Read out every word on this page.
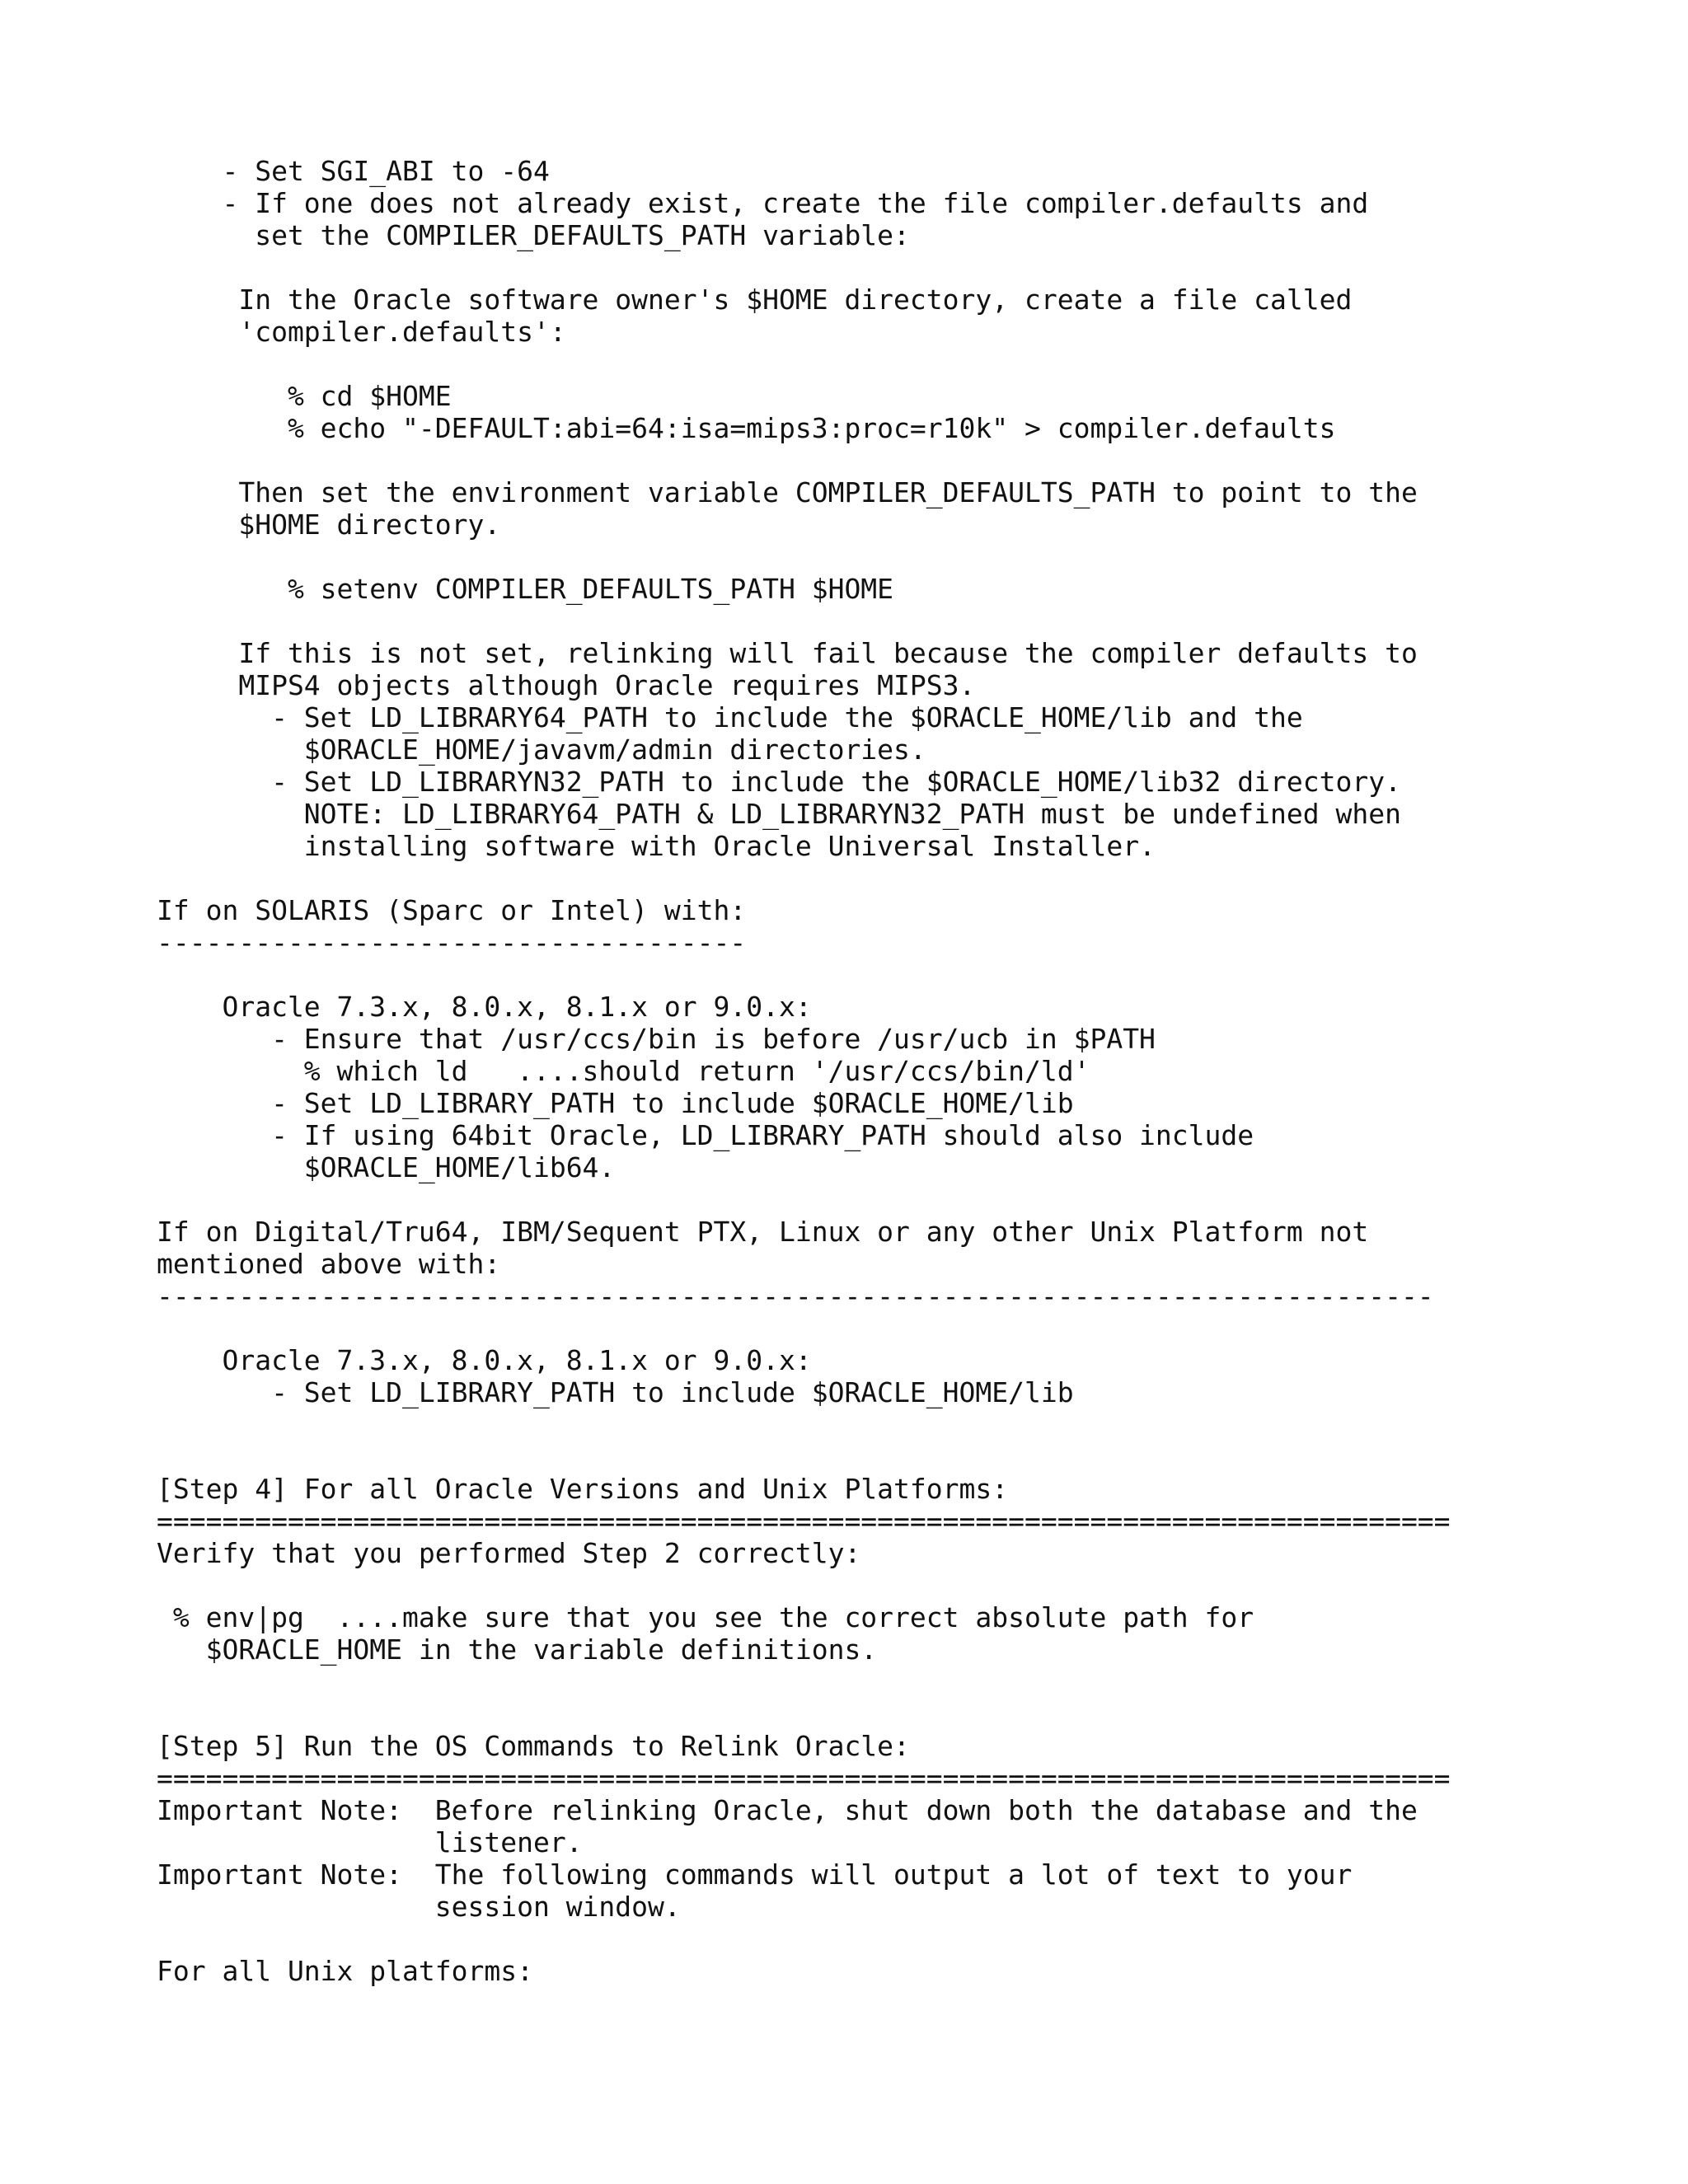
- Set SGI_ABI to -64
- If one does not already exist, create the file compiler.defaults and
set the COMPILER_DEFAULTS_PATH variable:
In the Oracle software owner's $HOME directory, create a file called
'compiler.defaults':
% cd $HOME
% echo "-DEFAULT:abi=64:isa=mips3:proc=r10k" > compiler.defaults
Then set the environment variable COMPILER_DEFAULTS_PATH to point to the
$HOME directory.
% setenv COMPILER_DEFAULTS_PATH $HOME
If this is not set, relinking will fail because the compiler defaults to
MIPS4 objects although Oracle requires MIPS3.
- Set LD_LIBRARY64_PATH to include the $ORACLE_HOME/lib and the
$ORACLE_HOME/javavm/admin directories.
- Set LD_LIBRARYN32_PATH to include the $ORACLE_HOME/lib32 directory.
NOTE: LD_LIBRARY64_PATH & LD_LIBRARYN32_PATH must be undefined when
installing software with Oracle Universal Installer.
If on SOLARIS (Sparc or Intel) with:
------------------------------------
Oracle 7.3.x, 8.0.x, 8.1.x or 9.0.x:
- Ensure that /usr/ccs/bin is before /usr/ucb in $PATH
% which ld   ....should return '/usr/ccs/bin/ld'
- Set LD_LIBRARY_PATH to include $ORACLE_HOME/lib
- If using 64bit Oracle, LD_LIBRARY_PATH should also include
$ORACLE_HOME/lib64.
If on Digital/Tru64, IBM/Sequent PTX, Linux or any other Unix Platform not
mentioned above with:
------------------------------------------------------------------------------
Oracle 7.3.x, 8.0.x, 8.1.x or 9.0.x:
- Set LD_LIBRARY_PATH to include $ORACLE_HOME/lib
[Step 4] For all Oracle Versions and Unix Platforms:
===============================================================================
Verify that you performed Step 2 correctly:
% env|pg  ....make sure that you see the correct absolute path for
$ORACLE_HOME in the variable definitions.
[Step 5] Run the OS Commands to Relink Oracle:
===============================================================================
Important Note:  Before relinking Oracle, shut down both the database and the
listener.
Important Note:  The following commands will output a lot of text to your
session window.
For all Unix platforms:
